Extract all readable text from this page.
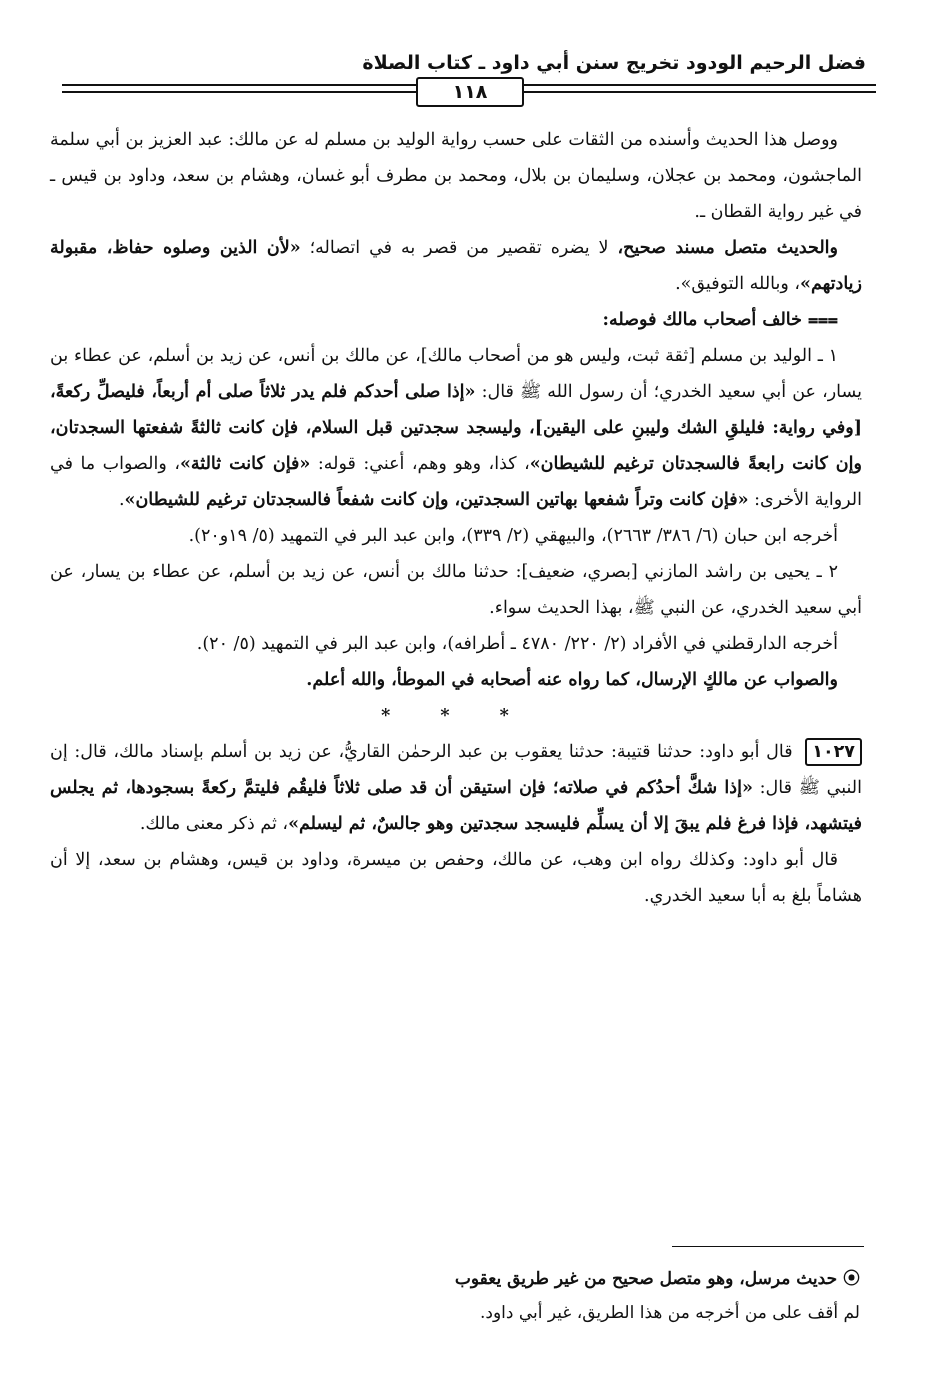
فضل الرحيم الودود تخريج سنن أبي داود ـ كتاب الصلاة
١١٨

ووصل هذا الحديث وأسنده من الثقات على حسب رواية الوليد بن مسلم له عن مالك: عبد العزيز بن أبي سلمة الماجشون، ومحمد بن عجلان، وسليمان بن بلال، ومحمد بن مطرف أبو غسان، وهشام بن سعد، وداود بن قيس ـ في غير رواية القطان ـ.

والحديث متصل مسند صحيح، لا يضره تقصير من قصر به في اتصاله؛ «لأن الذين وصلوه حفاظ، مقبولة زيادتهم»، وبالله التوفيق».

⩶ خالف أصحاب مالك فوصله:

١ ـ الوليد بن مسلم [ثقة ثبت، وليس هو من أصحاب مالك]، عن مالك بن أنس، عن زيد بن أسلم، عن عطاء بن يسار، عن أبي سعيد الخدري؛ أن رسول الله ﷺ قال: «إذا صلى أحدكم فلم يدر ثلاثاً صلى أم أربعاً، فليصلِّ ركعةً، [وفي رواية: فليلقِ الشك وليبنِ على اليقين]، وليسجد سجدتين قبل السلام، فإن كانت ثالثةً شفعتها السجدتان، وإن كانت رابعةً فالسجدتان ترغيم للشيطان»، كذا، وهو وهم، أعني: قوله: «فإن كانت ثالثة»، والصواب ما في الرواية الأخرى: «فإن كانت وتراً شفعها بهاتين السجدتين، وإن كانت شفعاً فالسجدتان ترغيم للشيطان».

أخرجه ابن حبان (٦/ ٣٨٦/ ٢٦٦٣)، والبيهقي (٢/ ٣٣٩)، وابن عبد البر في التمهيد (٥/ ١٩و٢٠).

٢ ـ يحيى بن راشد المازني [بصري، ضعيف]: حدثنا مالك بن أنس، عن زيد بن أسلم، عن عطاء بن يسار، عن أبي سعيد الخدري، عن النبي ﷺ، بهذا الحديث سواء.

أخرجه الدارقطني في الأفراد (٢/ ٢٢٠/ ٤٧٨٠ ـ أطرافه)، وابن عبد البر في التمهيد (٥/ ٢٠).

والصواب عن مالكٍ الإرسال، كما رواه عنه أصحابه في الموطأ، والله أعلم.

* * *

١٠٢٧ قال أبو داود: حدثنا قتيبة: حدثنا يعقوب بن عبد الرحمٰن القاريُّ، عن زيد بن أسلم بإسناد مالك، قال: إن النبي ﷺ قال: «إذا شكَّ أحدُكم في صلاته؛ فإن استيقن أن قد صلى ثلاثاً فليقُم فليتمَّ ركعةً بسجودها، ثم يجلس فيتشهد، فإذا فرغ فلم يبقَ إلا أن يسلِّم فليسجد سجدتين وهو جالسٌ، ثم ليسلم»، ثم ذكر معنى مالك.

قال أبو داود: وكذلك رواه ابن وهب، عن مالك، وحفص بن ميسرة، وداود بن قيس، وهشام بن سعد، إلا أن هشاماً بلغ به أبا سعيد الخدري.

⦿ حديث مرسل، وهو متصل صحيح من غير طريق يعقوب

لم أقف على من أخرجه من هذا الطريق، غير أبي داود.
